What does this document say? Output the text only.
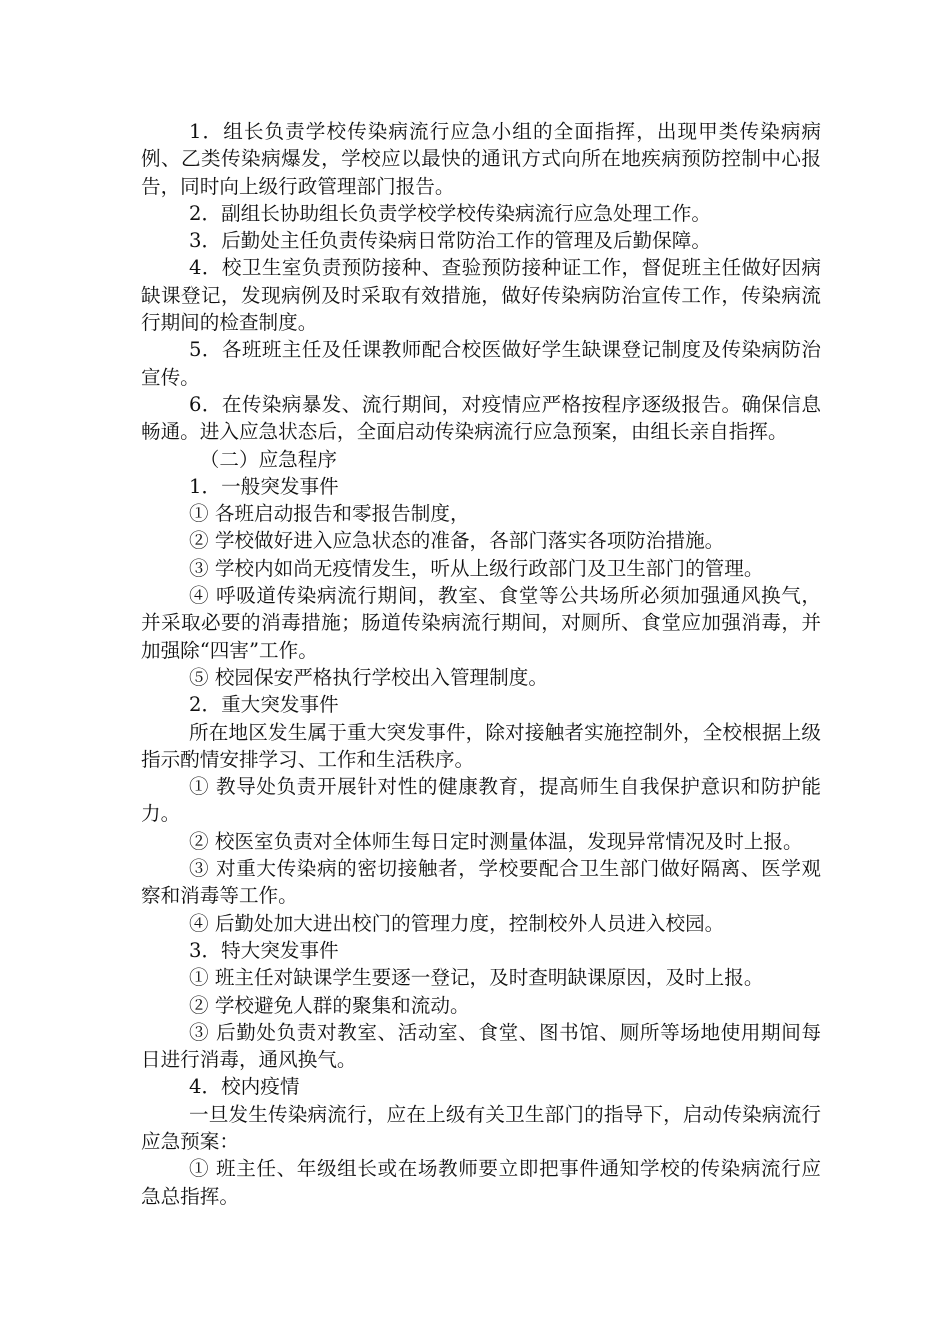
1．组长负责学校传染病流行应急小组的全面指挥，出现甲类传染病病例、乙类传染病爆发，学校应以最快的通讯方式向所在地疾病预防控制中心报告，同时向上级行政管理部门报告。

2．副组长协助组长负责学校学校传染病流行应急处理工作。

3．后勤处主任负责传染病日常防治工作的管理及后勤保障。

4．校卫生室负责预防接种、查验预防接种证工作，督促班主任做好因病缺课登记，发现病例及时采取有效措施，做好传染病防治宣传工作，传染病流行期间的检查制度。

5．各班班主任及任课教师配合校医做好学生缺课登记制度及传染病防治宣传。

6．在传染病暴发、流行期间，对疫情应严格按程序逐级报告。确保信息畅通。进入应急状态后，全面启动传染病流行应急预案，由组长亲自指挥。

（二）应急程序

1．一般突发事件

① 各班启动报告和零报告制度，

② 学校做好进入应急状态的准备，各部门落实各项防治措施。

③ 学校内如尚无疫情发生，听从上级行政部门及卫生部门的管理。

④ 呼吸道传染病流行期间，教室、食堂等公共场所必须加强通风换气，并采取必要的消毒措施；肠道传染病流行期间，对厕所、食堂应加强消毒，并加强除“四害”工作。

⑤ 校园保安严格执行学校出入管理制度。

2．重大突发事件

所在地区发生属于重大突发事件，除对接触者实施控制外，全校根据上级指示酌情安排学习、工作和生活秩序。

① 教导处负责开展针对性的健康教育，提高师生自我保护意识和防护能力。

② 校医室负责对全体师生每日定时测量体温，发现异常情况及时上报。

③ 对重大传染病的密切接触者，学校要配合卫生部门做好隔离、医学观察和消毒等工作。

④ 后勤处加大进出校门的管理力度，控制校外人员进入校园。

3．特大突发事件

① 班主任对缺课学生要逐一登记，及时查明缺课原因，及时上报。

② 学校避免人群的聚集和流动。

③ 后勤处负责对教室、活动室、食堂、图书馆、厕所等场地使用期间每日进行消毒，通风换气。

4．校内疫情

一旦发生传染病流行，应在上级有关卫生部门的指导下，启动传染病流行应急预案：

① 班主任、年级组长或在场教师要立即把事件通知学校的传染病流行应急总指挥。
